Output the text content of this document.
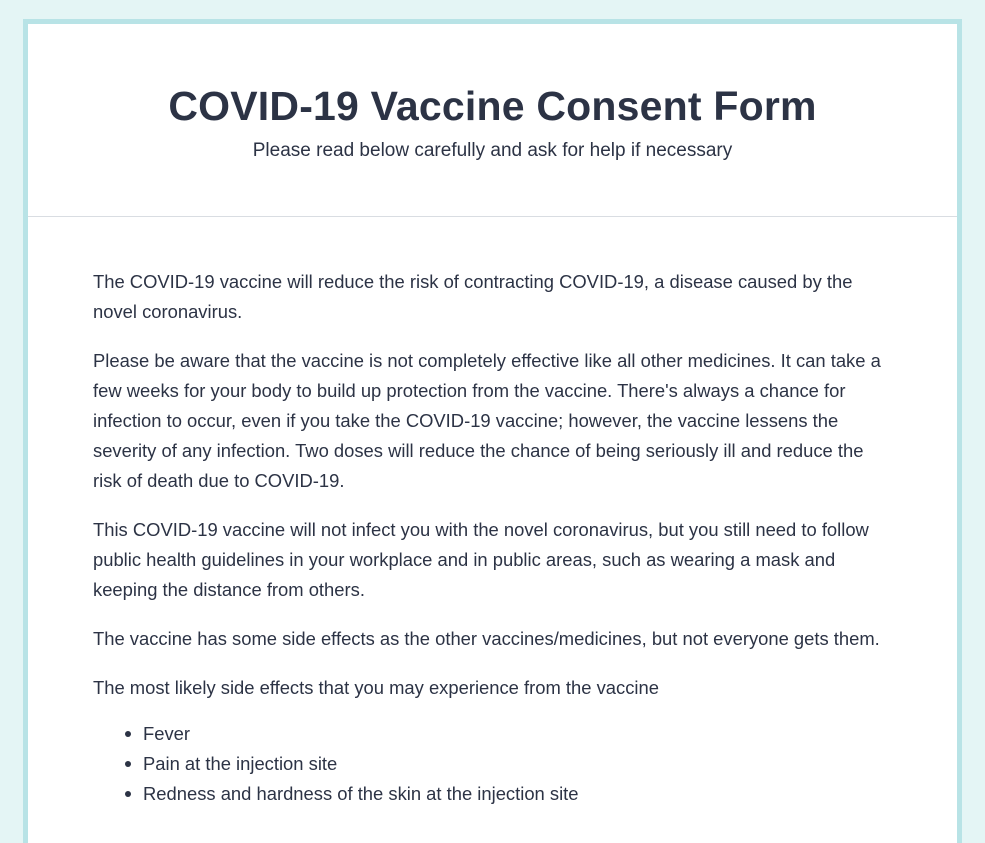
COVID-19 Vaccine Consent Form
Please read below carefully and ask for help if necessary

The COVID-19 vaccine will reduce the risk of contracting COVID-19, a disease caused by the novel coronavirus.

Please be aware that the vaccine is not completely effective like all other medicines. It can take a few weeks for your body to build up protection from the vaccine. There's always a chance for infection to occur, even if you take the COVID-19 vaccine; however, the vaccine lessens the severity of any infection. Two doses will reduce the chance of being seriously ill and reduce the risk of death due to COVID-19.

This COVID-19 vaccine will not infect you with the novel coronavirus, but you still need to follow public health guidelines in your workplace and in public areas, such as wearing a mask and keeping the distance from others.

The vaccine has some side effects as the other vaccines/medicines, but not everyone gets them.

The most likely side effects that you may experience from the vaccine

Fever
Pain at the injection site
Redness and hardness of the skin at the injection site
